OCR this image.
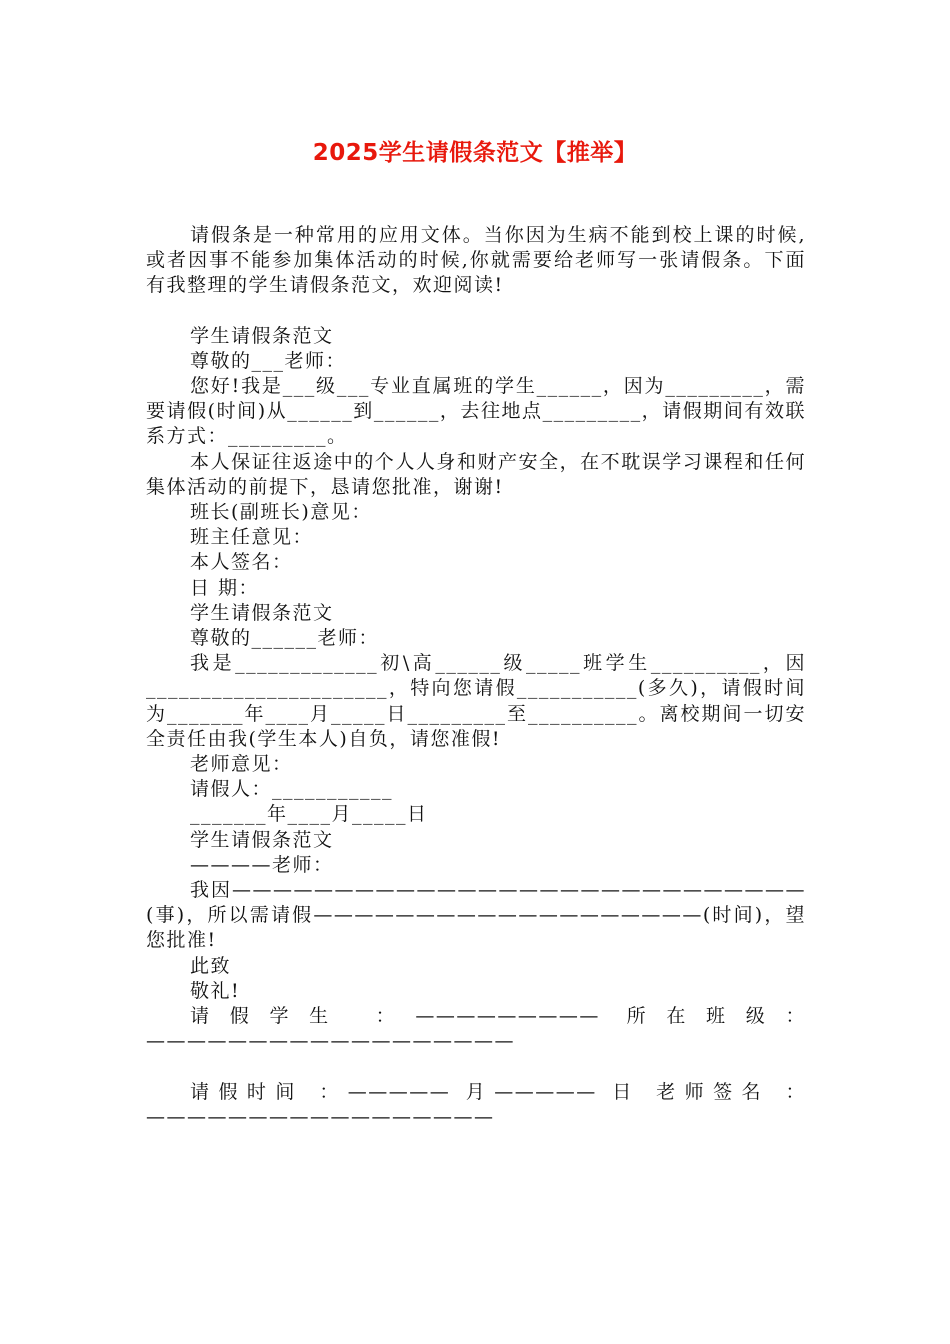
2025学生请假条范文【推举】

请假条是一种常用的应用文体。当你因为生病不能到校上课的时候,或者因事不能参加集体活动的时候,你就需要给老师写一张请假条。下面有我整理的学生请假条范文，欢迎阅读!

学生请假条范文

尊敬的___老师：

您好!我是___级___专业直属班的学生______，因为_________，需要请假(时间)从______到______，去往地点_________，请假期间有效联系方式：_________。

本人保证往返途中的个人人身和财产安全，在不耽误学习课程和任何集体活动的前提下，恳请您批准，谢谢!

班长(副班长)意见：

班主任意见：

本人签名：

日 期：

学生请假条范文

尊敬的______老师：

我是_____________初\高______级_____班学生__________，因______________________，特向您请假___________(多久)，请假时间为_______年____月_____日_________至__________。离校期间一切安全责任由我(学生本人)自负，请您准假!

老师意见：

请假人：___________

_______年____月_____日

学生请假条范文

————老师：

我因————————————————————————————(事)，所以需请假———————————————————(时间)，望您批准!

此致

敬礼!

请假学生 ：————————— 所在班级：——————————————————

请假时间 ：————— 月————— 日 老师签名 ：—————————————————
